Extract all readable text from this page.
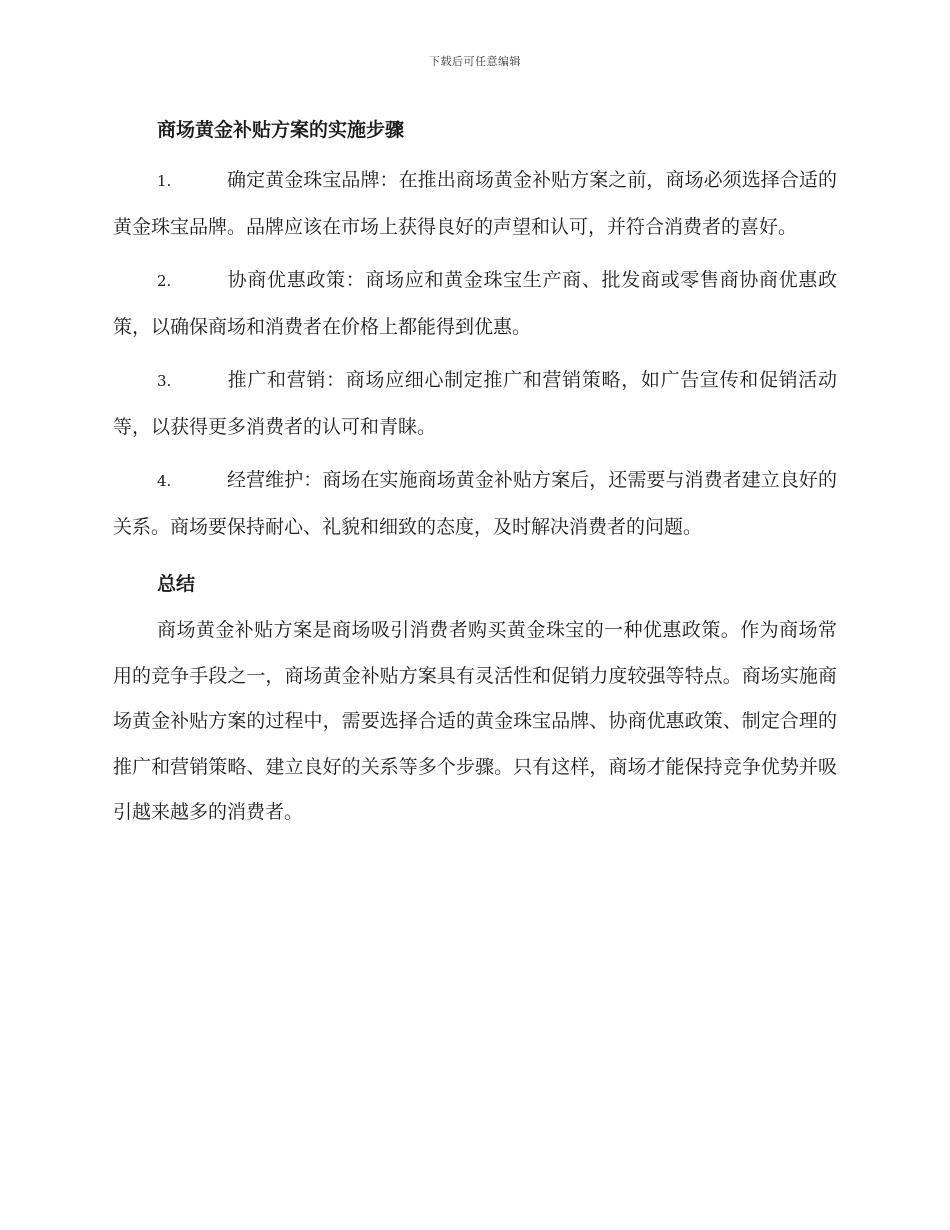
下载后可任意编辑
商场黄金补贴方案的实施步骤

1.	确定黄金珠宝品牌：在推出商场黄金补贴方案之前，商场必须选择合适的黄金珠宝品牌。品牌应该在市场上获得良好的声望和认可，并符合消费者的喜好。

2.	协商优惠政策：商场应和黄金珠宝生产商、批发商或零售商协商优惠政策，以确保商场和消费者在价格上都能得到优惠。

3.	推广和营销：商场应细心制定推广和营销策略，如广告宣传和促销活动等，以获得更多消费者的认可和青睐。

4.	经营维护：商场在实施商场黄金补贴方案后，还需要与消费者建立良好的关系。商场要保持耐心、礼貌和细致的态度，及时解决消费者的问题。

总结

商场黄金补贴方案是商场吸引消费者购买黄金珠宝的一种优惠政策。作为商场常用的竞争手段之一，商场黄金补贴方案具有灵活性和促销力度较强等特点。商场实施商场黄金补贴方案的过程中，需要选择合适的黄金珠宝品牌、协商优惠政策、制定合理的推广和营销策略、建立良好的关系等多个步骤。只有这样，商场才能保持竞争优势并吸引越来越多的消费者。
